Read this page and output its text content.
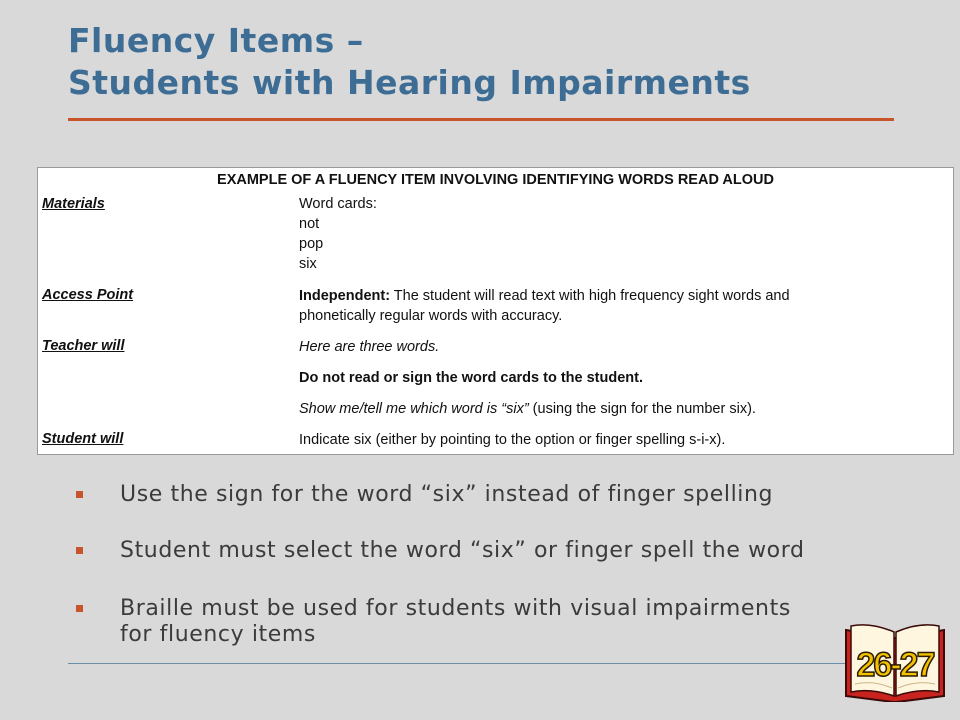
Fluency Items –
Students with Hearing Impairments
EXAMPLE OF A FLUENCY ITEM INVOLVING IDENTIFYING WORDS READ ALOUD
Materials	Word cards:
not
pop
six
Access Point	Independent: The student will read text with high frequency sight words and
phonetically regular words with accuracy.
Teacher will	Here are three words.
Do not read or sign the word cards to the student.
Show me/tell me which word is “six” (using the sign for the number six).
Student will	Indicate six (either by pointing to the option or finger spelling s-i-x).
Use the sign for the word “six” instead of finger spelling
Student must select the word “six” or finger spell the word
Braille must be used for students with visual impairments
for fluency items
26-27
